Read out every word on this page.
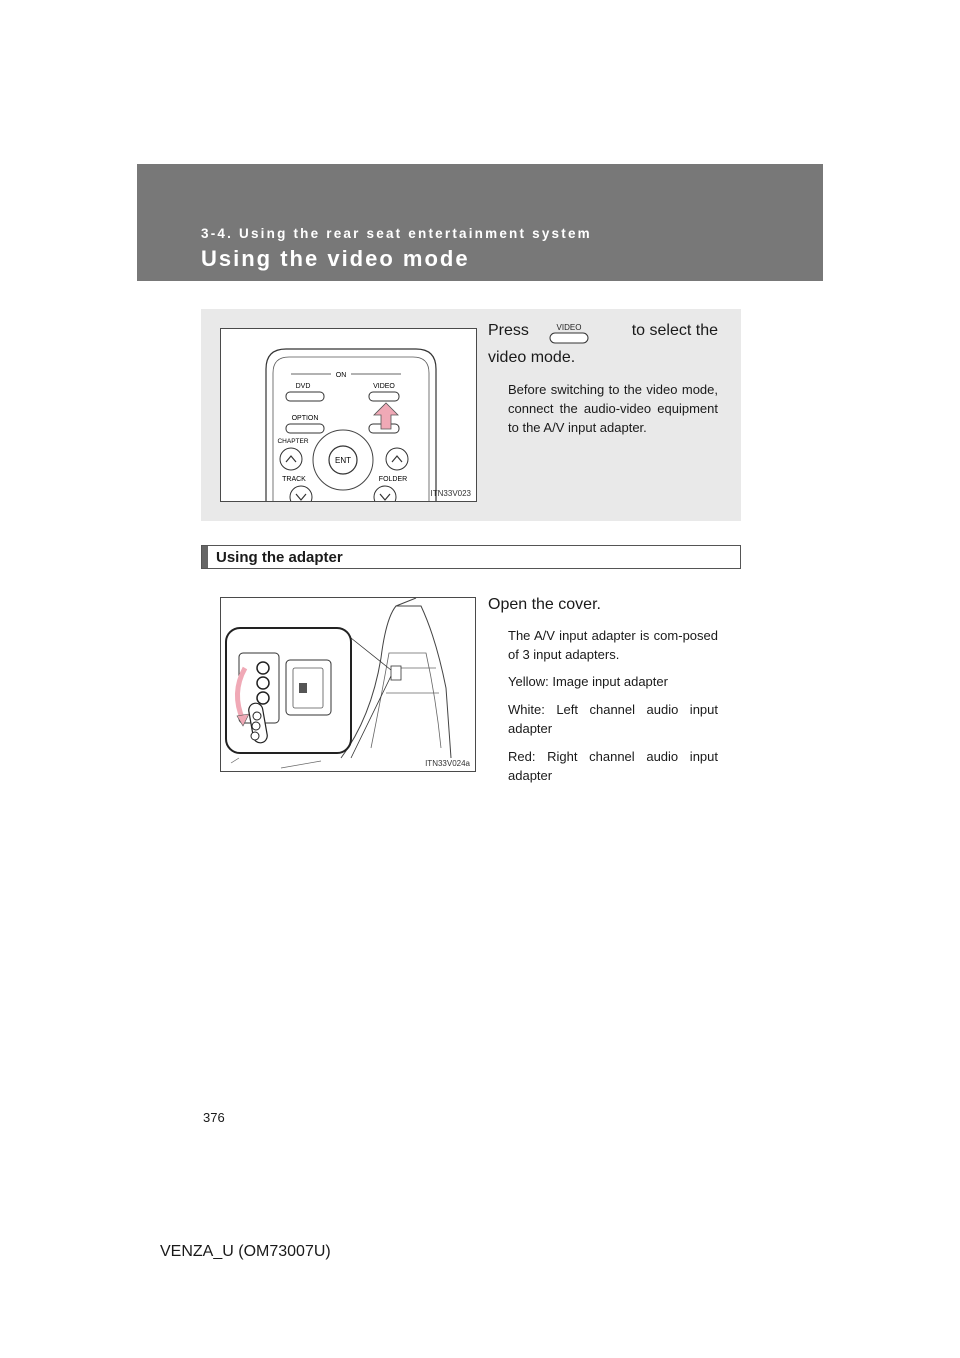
3-4. Using the rear seat entertainment system
Using the video mode
ON
DVD	VIDEO
OPTION
ENT
CHAPTER
TRACK	FOLDER
ITN33V023
Press	to select the
VIDEO
video mode.
Before switching to the video mode, connect the audio-video equipment to the A/V input adapter.
Using the adapter
ITN33V024a
Open the cover.
The A/V input adapter is com-posed of 3 input adapters.
Yellow: Image input adapter
White: Left channel audio input adapter
Red: Right channel audio input adapter
376
VENZA_U (OM73007U)
